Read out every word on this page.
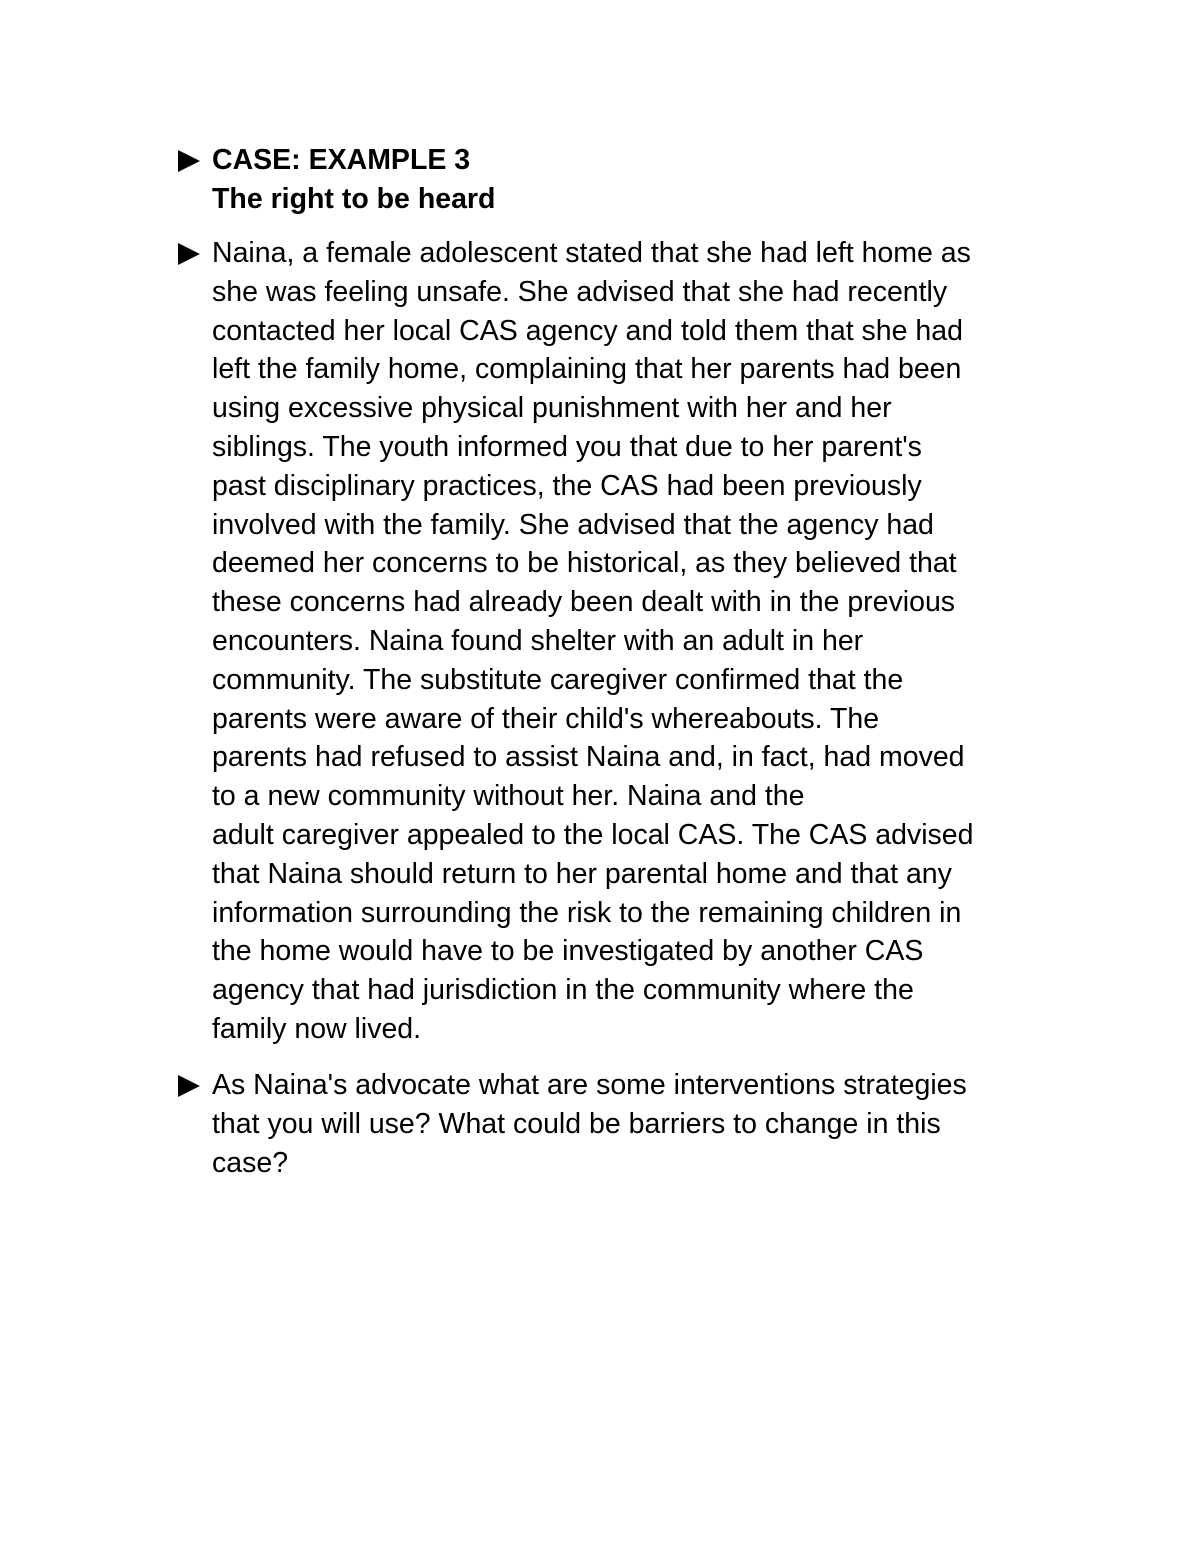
CASE: EXAMPLE 3
The right to be heard
Naina, a female adolescent stated that she had left home as
she was feeling unsafe. She advised that she had recently
contacted her local CAS agency and told them that she had
left the family home, complaining that her parents had been
using excessive physical punishment with her and her
siblings. The youth informed you that due to her parent's
past disciplinary practices, the CAS had been previously
involved with the family. She advised that the agency had
deemed her concerns to be historical, as they believed that
these concerns had already been dealt with in the previous
encounters. Naina found shelter with an adult in her
community. The substitute caregiver confirmed that the
parents were aware of their child's whereabouts. The
parents had refused to assist Naina and, in fact, had moved
to a new community without her. Naina and the
adult caregiver appealed to the local CAS. The CAS advised
that Naina should return to her parental home and that any
information surrounding the risk to the remaining children in
the home would have to be investigated by another CAS
agency that had jurisdiction in the community where the
family now lived.
As Naina's advocate what are some interventions strategies
that you will use? What could be barriers to change in this
case?
